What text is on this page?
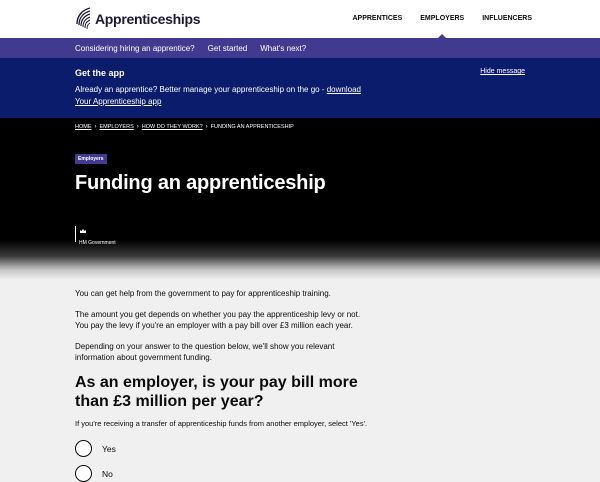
Apprenticeships	APPRENTICES	EMPLOYERS	INFLUENCERS
Considering hiring an apprentice? Get started What's next?
Get the app
Already an apprentice? Better manage your apprenticeship on the go - download Your Apprenticeship app
Hide message
HOME › EMPLOYERS › HOW DO THEY WORK? › FUNDING AN APPRENTICESHIP
Employers
Funding an apprenticeship
HM Government

You can get help from the government to pay for apprenticeship training.

The amount you get depends on whether you pay the apprenticeship levy or not. You pay the levy if you're an employer with a pay bill over £3 million each year.

Depending on your answer to the question below, we'll show you relevant information about government funding.

As an employer, is your pay bill more than £3 million per year?
If you're receiving a transfer of apprenticeship funds from another employer, select 'Yes'.
Yes
No
